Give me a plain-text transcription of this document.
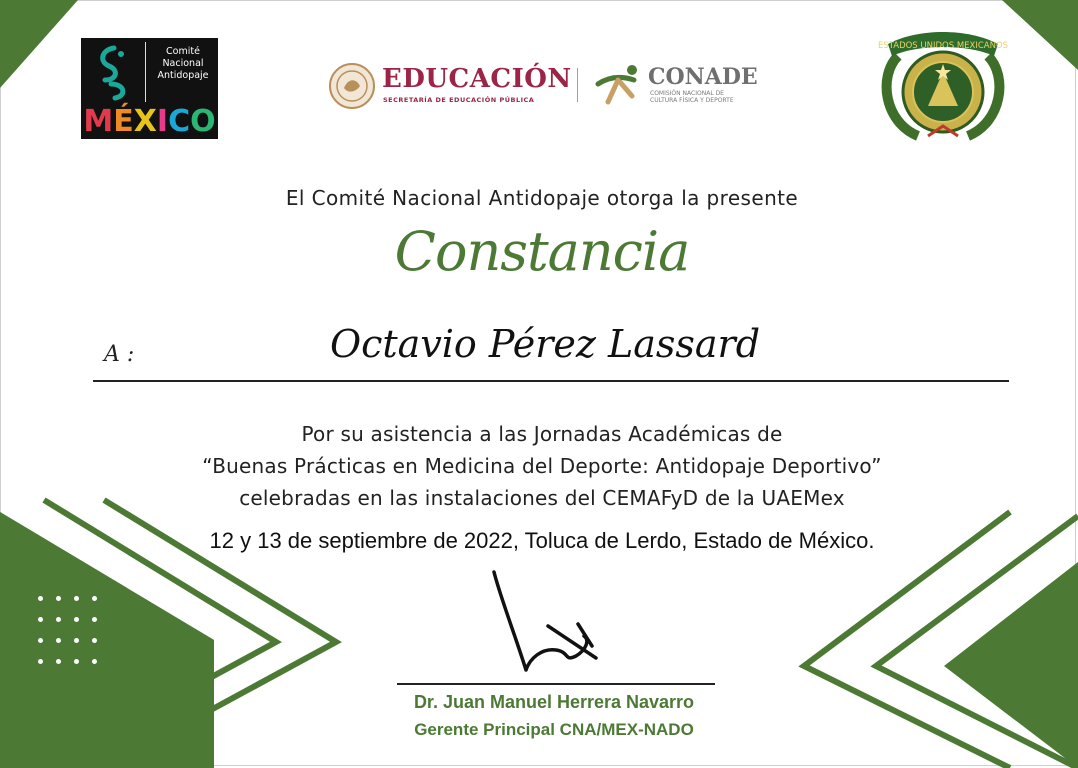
Comité
Nacional
Antidopaje
MÉXICO
EDUCACIÓN
SECRETARÍA DE EDUCACIÓN PÚBLICA
CONADE
COMISIÓN NACIONAL DE
CULTURA FÍSICA Y DEPORTE
ESTADOS UNIDOS MEXICANOS
El Comité Nacional Antidopaje otorga la presente
Constancia
A :	Octavio Pérez Lassard
Por su asistencia a las Jornadas Académicas de
“Buenas Prácticas en Medicina del Deporte: Antidopaje Deportivo”
celebradas en las instalaciones del CEMAFyD de la UAEMex
12 y 13 de septiembre de 2022, Toluca de Lerdo, Estado de México.
Dr. Juan Manuel Herrera Navarro
Gerente Principal CNA/MEX-NADO
